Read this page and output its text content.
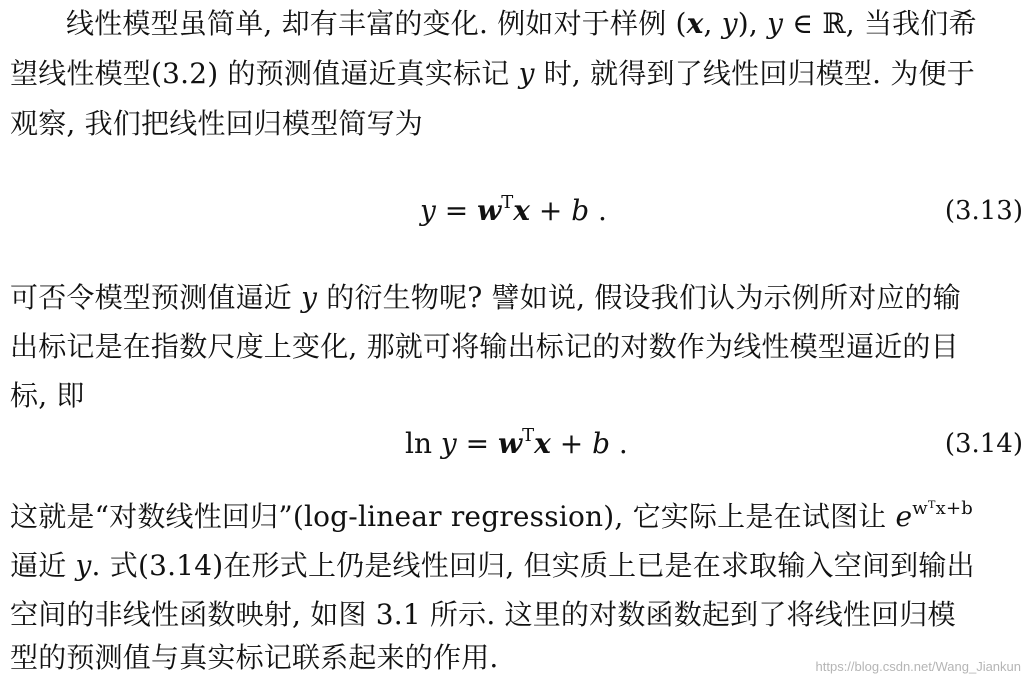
线性模型虽简单, 却有丰富的变化. 例如对于样例 (x, y), y ∈ ℝ, 当我们希
望线性模型(3.2) 的预测值逼近真实标记 y 时, 就得到了线性回归模型. 为便于
观察, 我们把线性回归模型简写为
$y = w^Tx + b$ .	(3.13)
可否令模型预测值逼近 y 的衍生物呢? 譬如说, 假设我们认为示例所对应的输
出标记是在指数尺度上变化, 那就可将输出标记的对数作为线性模型逼近的目
标, 即
$\ln y = w^Tx + b$ .	(3.14)
这就是“对数线性回归”(log-linear regression), 它实际上是在试图让 $e^{wᵀx+b}$
逼近 y. 式(3.14)在形式上仍是线性回归, 但实质上已是在求取输入空间到输出
空间的非线性函数映射, 如图 3.1 所示. 这里的对数函数起到了将线性回归模
型的预测值与真实标记联系起来的作用.	https://blog.csdn.net/Wang_Jiankun
